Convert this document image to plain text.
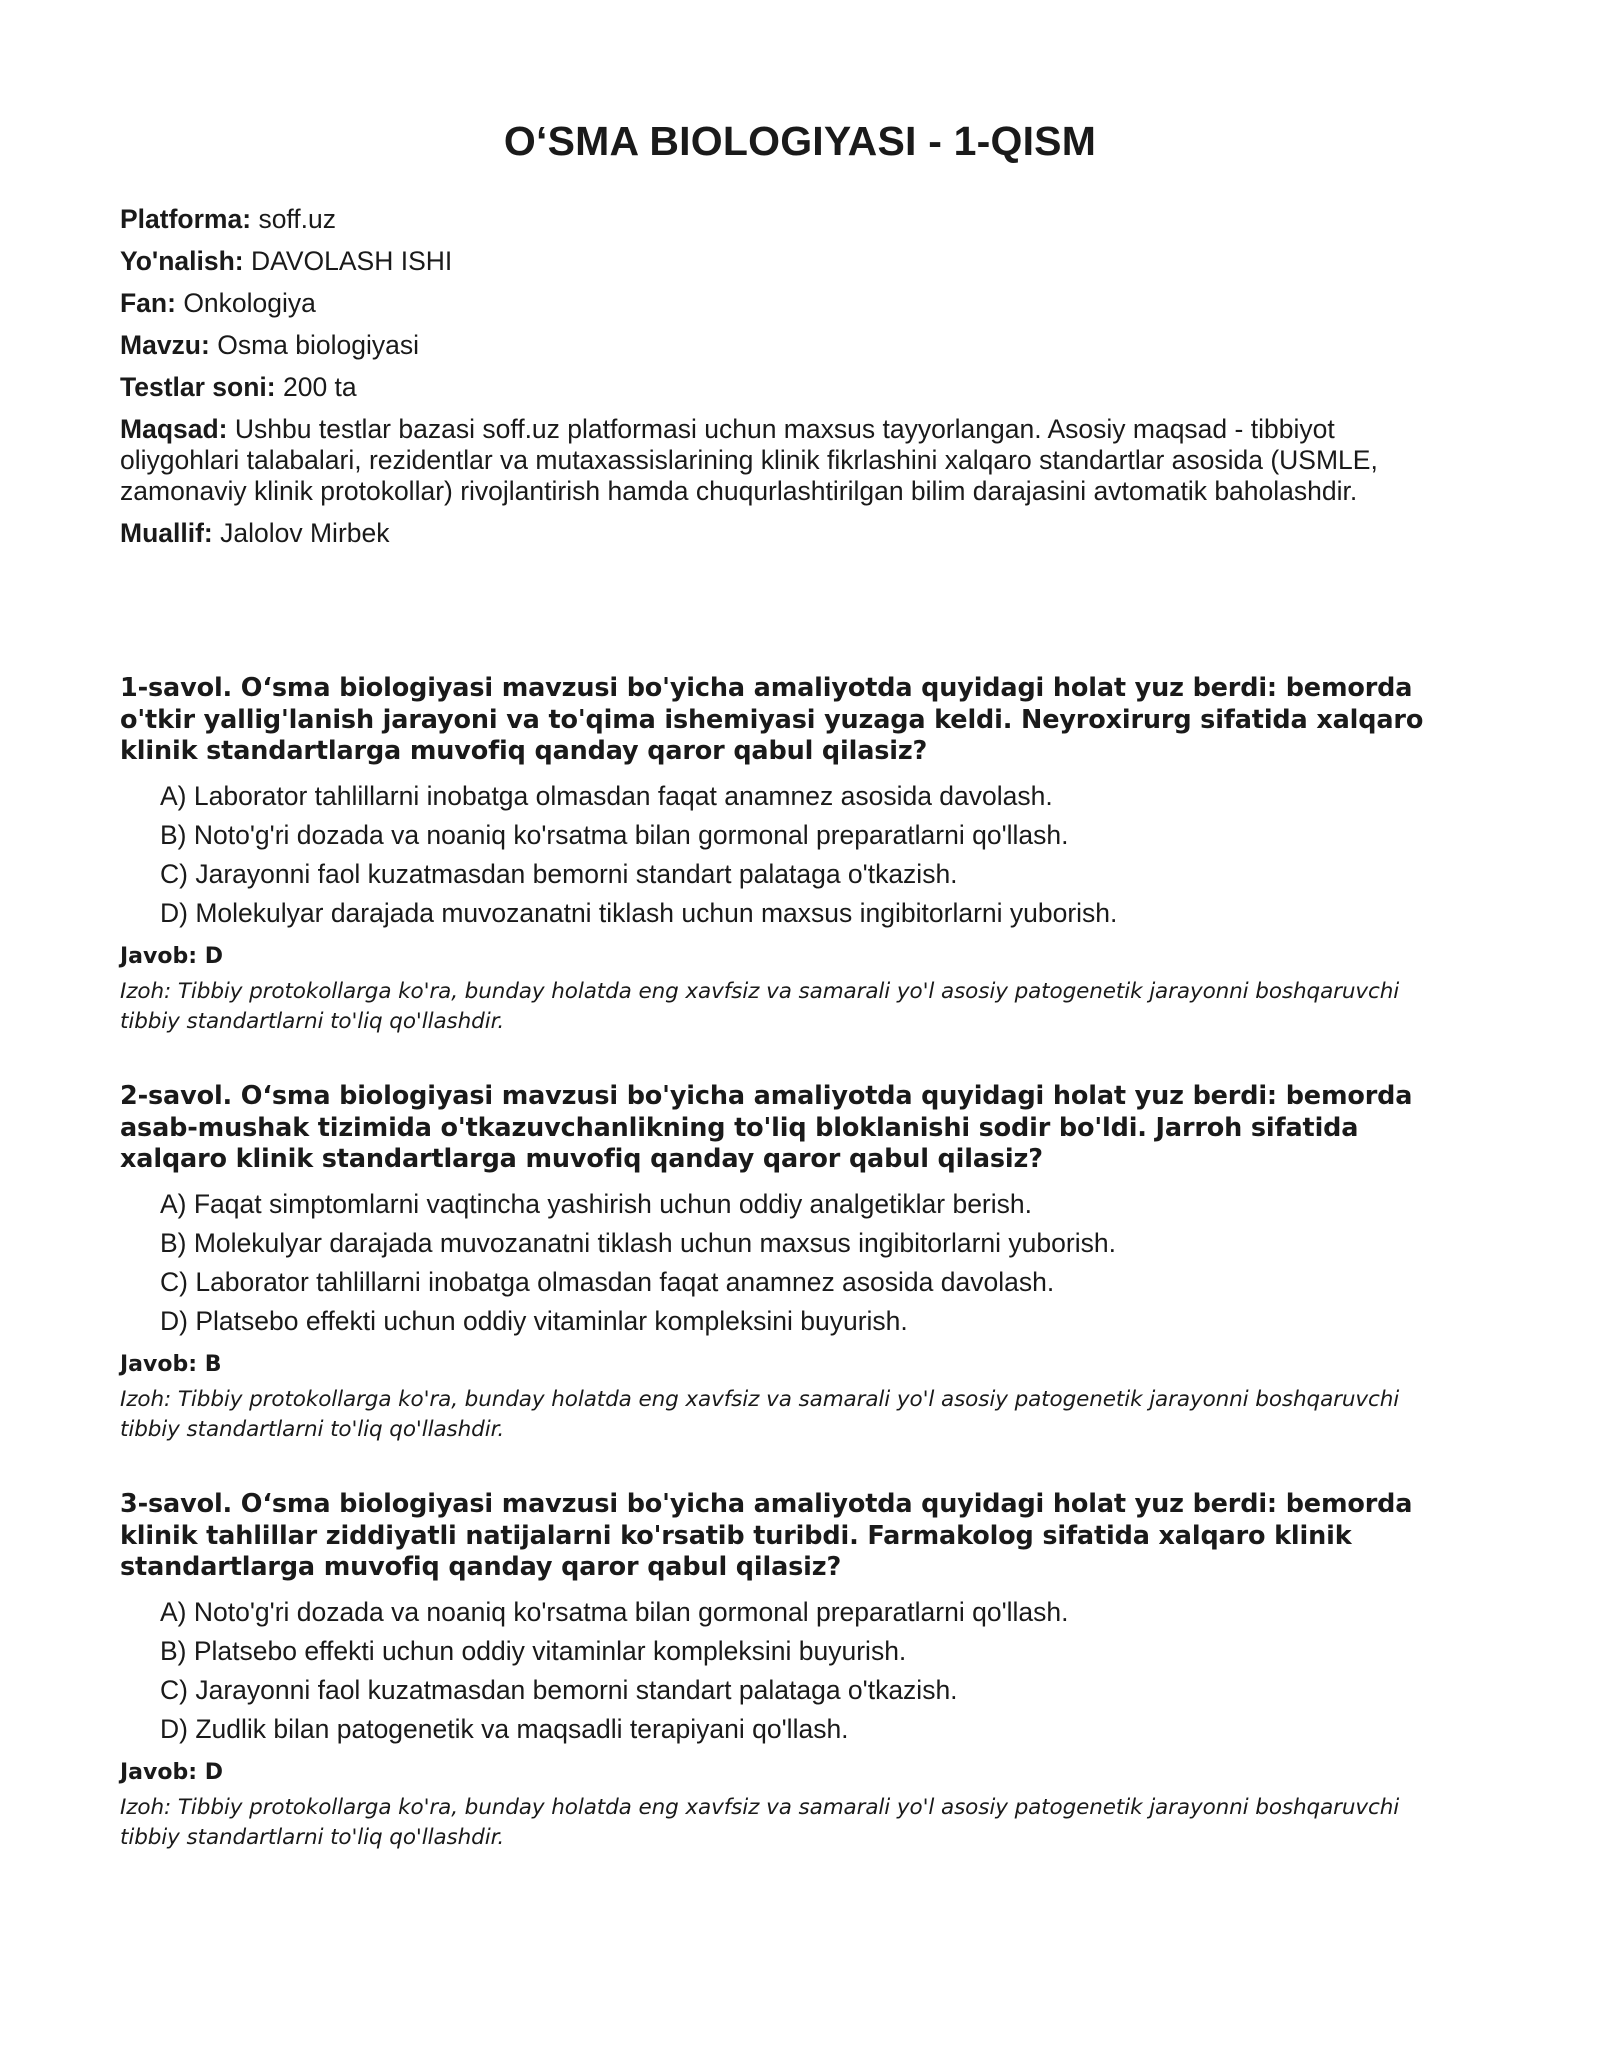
O‘SMA BIOLOGIYASI - 1-QISM
Platforma: soff.uz
Yo'nalish: DAVOLASH ISHI
Fan: Onkologiya
Mavzu: Osma biologiyasi
Testlar soni: 200 ta
Maqsad: Ushbu testlar bazasi soff.uz platformasi uchun maxsus tayyorlangan. Asosiy maqsad - tibbiyot oliygohlari talabalari, rezidentlar va mutaxassislarining klinik fikrlashini xalqaro standartlar asosida (USMLE, zamonaviy klinik protokollar) rivojlantirish hamda chuqurlashtirilgan bilim darajasini avtomatik baholashdir.
Muallif: Jalolov Mirbek

1-savol. O‘sma biologiyasi mavzusi bo'yicha amaliyotda quyidagi holat yuz berdi: bemorda o'tkir yallig'lanish jarayoni va to'qima ishemiyasi yuzaga keldi. Neyroxirurg sifatida xalqaro klinik standartlarga muvofiq qanday qaror qabul qilasiz?

A) Laborator tahlillarni inobatga olmasdan faqat anamnez asosida davolash.
B) Noto'g'ri dozada va noaniq ko'rsatma bilan gormonal preparatlarni qo'llash.
C) Jarayonni faol kuzatmasdan bemorni standart palataga o'tkazish.
D) Molekulyar darajada muvozanatni tiklash uchun maxsus ingibitorlarni yuborish.
Javob: D

Izoh: Tibbiy protokollarga ko'ra, bunday holatda eng xavfsiz va samarali yo'l asosiy patogenetik jarayonni boshqaruvchi tibbiy standartlarni to'liq qo'llashdir.

2-savol. O‘sma biologiyasi mavzusi bo'yicha amaliyotda quyidagi holat yuz berdi: bemorda asab-mushak tizimida o'tkazuvchanlikning to'liq bloklanishi sodir bo'ldi. Jarroh sifatida xalqaro klinik standartlarga muvofiq qanday qaror qabul qilasiz?

A) Faqat simptomlarni vaqtincha yashirish uchun oddiy analgetiklar berish.
B) Molekulyar darajada muvozanatni tiklash uchun maxsus ingibitorlarni yuborish.
C) Laborator tahlillarni inobatga olmasdan faqat anamnez asosida davolash.
D) Platsebo effekti uchun oddiy vitaminlar kompleksini buyurish.
Javob: B

Izoh: Tibbiy protokollarga ko'ra, bunday holatda eng xavfsiz va samarali yo'l asosiy patogenetik jarayonni boshqaruvchi tibbiy standartlarni to'liq qo'llashdir.

3-savol. O‘sma biologiyasi mavzusi bo'yicha amaliyotda quyidagi holat yuz berdi: bemorda klinik tahlillar ziddiyatli natijalarni ko'rsatib turibdi. Farmakolog sifatida xalqaro klinik standartlarga muvofiq qanday qaror qabul qilasiz?

A) Noto'g'ri dozada va noaniq ko'rsatma bilan gormonal preparatlarni qo'llash.
B) Platsebo effekti uchun oddiy vitaminlar kompleksini buyurish.
C) Jarayonni faol kuzatmasdan bemorni standart palataga o'tkazish.
D) Zudlik bilan patogenetik va maqsadli terapiyani qo'llash.
Javob: D

Izoh: Tibbiy protokollarga ko'ra, bunday holatda eng xavfsiz va samarali yo'l asosiy patogenetik jarayonni boshqaruvchi tibbiy standartlarni to'liq qo'llashdir.
